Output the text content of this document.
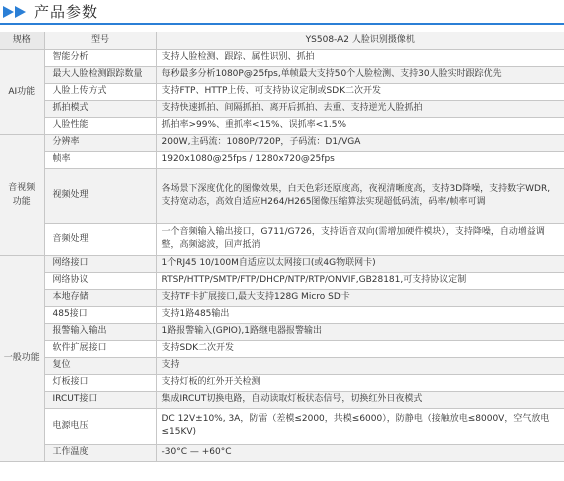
产品参数
规格	型号	YS508-A2 人脸识别摄像机
AI功能	智能分析	支持人脸检测、跟踪、属性识别、抓拍
	最大人脸检测跟踪数量	每秒最多分析1080P@25fps,单帧最大支持50个人脸检测、支持30人脸实时跟踪优先
	人脸上传方式	支持FTP、HTTP上传、可支持协议定制或SDK二次开发
	抓拍模式	支持快速抓拍、间隔抓拍、离开后抓拍、去重、支持逆光人脸抓拍
	人脸性能	抓拍率>99%、重抓率<15%、误抓率<1.5%
音视频功能	分辨率	200W,主码流：1080P/720P，子码流：D1/VGA
	帧率	1920x1080@25fps / 1280x720@25fps
	视频处理	各场景下深度优化的图像效果，白天色彩还原度高，夜视清晰度高，支持3D降噪，支持数字WDR,支持宽动态，高效自适应H264/H265图像压缩算法实现超低码流，码率/帧率可调
	音频处理	一个音频输入输出接口，G711/G726，支持语音双向(需增加硬件模块），支持降噪，自动增益调整，高频滤波，回声抵消
一般功能	网络接口	1个RJ45 10/100M自适应以太网接口(或4G物联网卡)
	网络协议	RTSP/HTTP/SMTP/FTP/DHCP/NTP/RTP/ONVIF,GB28181,可支持协议定制
	本地存储	支持TF卡扩展接口,最大支持128G Micro SD卡
	485接口	支持1路485输出
	报警输入输出	1路报警输入(GPIO),1路继电器报警输出
	软件扩展接口	支持SDK二次开发
	复位	支持
	灯板接口	支持灯板的红外开关检测
	IRCUT接口	集成IRCUT切换电路，自动读取灯板状态信号，切换红外日夜模式
	电源电压	DC 12V±10%, 3A，防雷（差模≤2000，共模≤6000），防静电（接触放电≤8000V，空气放电≤15KV)
	工作温度	-30°C — +60°C
